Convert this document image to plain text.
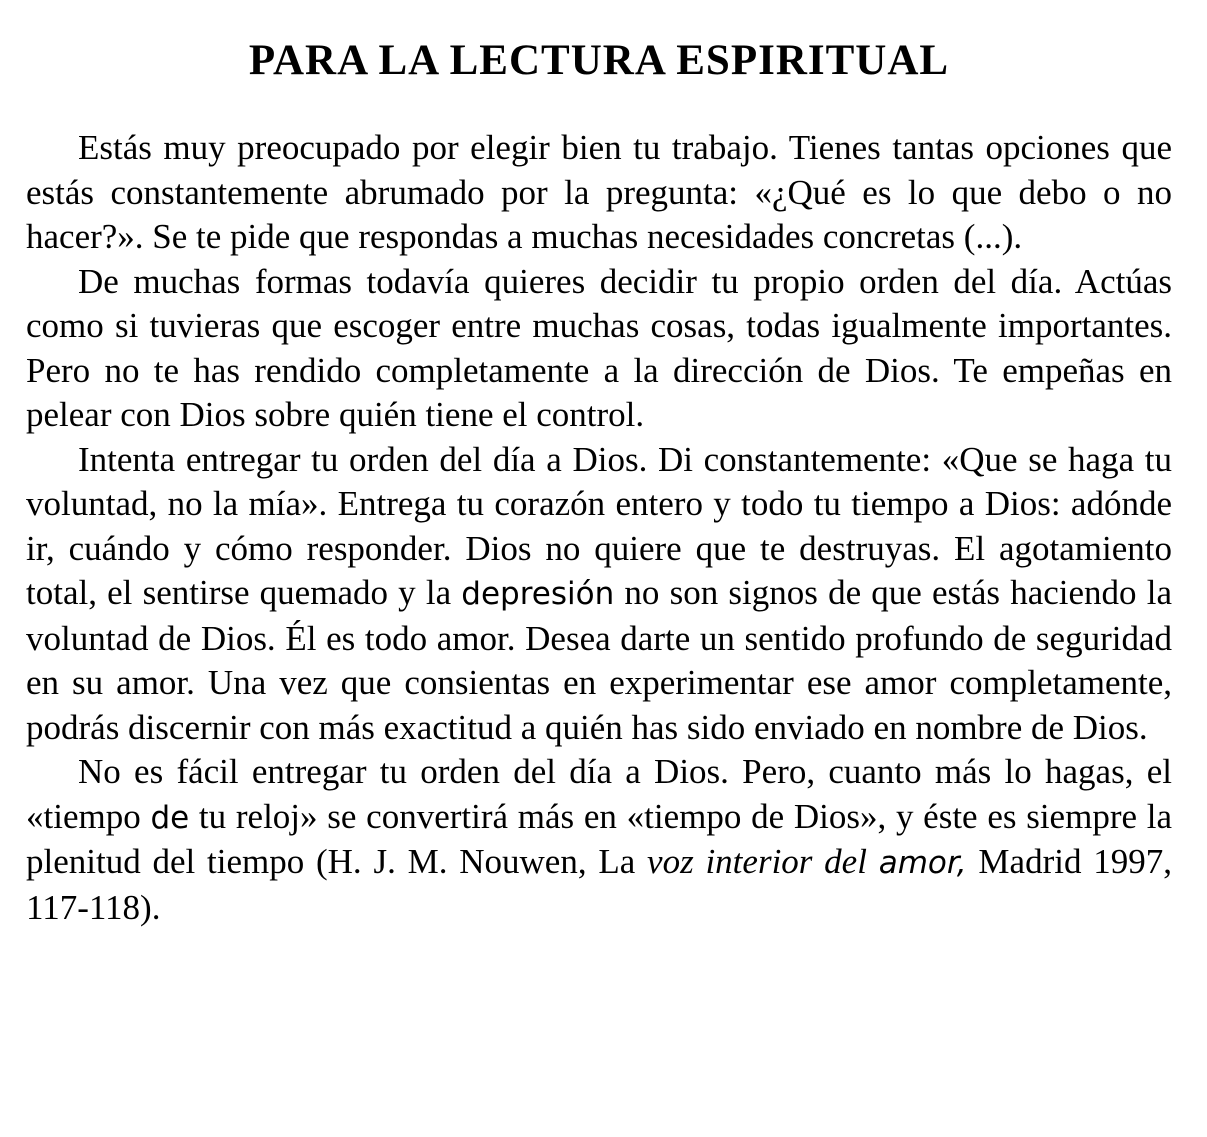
PARA LA LECTURA ESPIRITUAL

Estás muy preocupado por elegir bien tu trabajo. Tienes tantas opciones que estás constantemente abrumado por la pregunta: «¿Qué es lo que debo o no hacer?». Se te pide que respondas a muchas necesidades concretas (...).

De muchas formas todavía quieres decidir tu propio orden del día. Actúas como si tuvieras que escoger entre muchas cosas, todas igualmente importantes. Pero no te has rendido completamente a la dirección de Dios. Te empeñas en pelear con Dios sobre quién tiene el control.

Intenta entregar tu orden del día a Dios. Di constantemente: «Que se haga tu voluntad, no la mía». Entrega tu corazón entero y todo tu tiempo a Dios: adónde ir, cuándo y cómo responder. Dios no quiere que te destruyas. El agotamiento total, el sentirse quemado y la depresión no son signos de que estás haciendo la voluntad de Dios. Él es todo amor. Desea darte un sentido profundo de seguridad en su amor. Una vez que consientas en experimentar ese amor completamente, podrás discernir con más exactitud a quién has sido enviado en nombre de Dios.

No es fácil entregar tu orden del día a Dios. Pero, cuanto más lo hagas, el «tiempo de tu reloj» se convertirá más en «tiempo de Dios», y éste es siempre la plenitud del tiempo (H. J. M. Nouwen, La voz interior del amor, Madrid 1997, 117-118).
